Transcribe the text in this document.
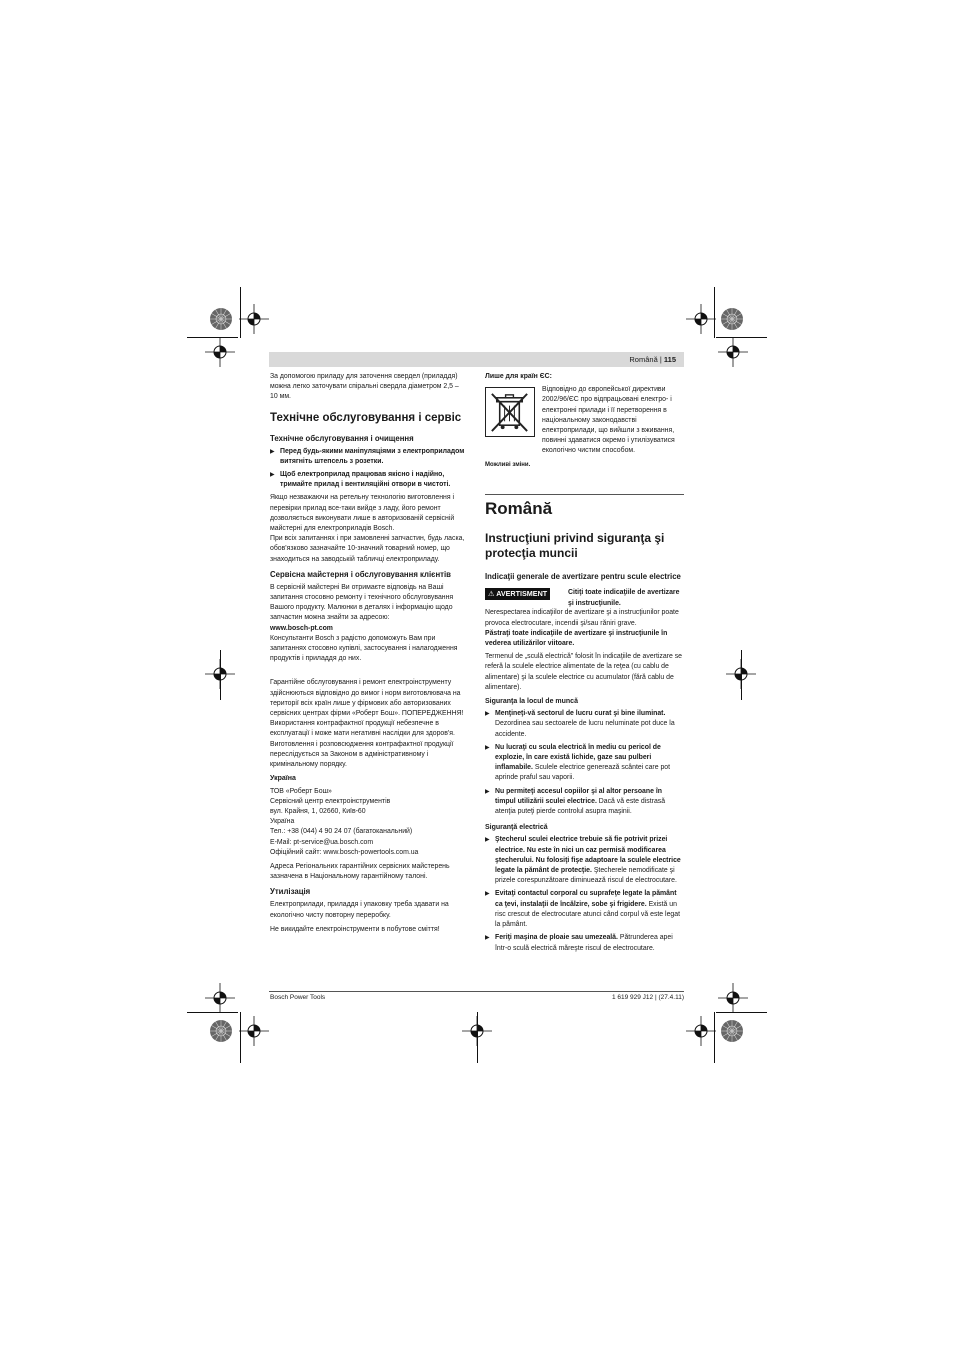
Română | 115

За допомогою приладу для заточення свердел (приладдя) можна легко заточувати спіральні свердла діаметром 2,5 – 10 мм.

Технічне обслуговування і сервіс
Технічне обслуговування і очищення
▶ Перед будь-якими маніпуляціями з електроприладом витягніть штепсель з розетки.
▶ Щоб електроприлад працював якісно і надійно, тримайте прилад і вентиляційні отвори в чистоті.

Якщо незважаючи на ретельну технологію виготовлення і перевірки прилад все-таки вийде з ладу, його ремонт дозволяється виконувати лише в авторизованій сервісній майстерні для електроприладів Bosch.

При всіх запитаннях і при замовленні запчастин, будь ласка, обов'язково зазначайте 10-значний товарний номер, що знаходиться на заводській табличці електроприладу.

Сервісна майстерня і обслуговування клієнтів

В сервісній майстерні Ви отримаєте відповідь на Ваші запитання стосовно ремонту і технічного обслуговування Вашого продукту. Малюнки в деталях і інформацію щодо запчастин можна знайти за адресою:

www.bosch-pt.com

Консультанти Bosch з радістю допоможуть Вам при запитаннях стосовно купівлі, застосування і налагодження продуктів і приладдя до них.

Гарантійне обслуговування і ремонт електроінструменту здійснюються відповідно до вимог і норм виготовлювача на території всіх країн лише у фірмових або авторизованих сервісних центрах фірми «Роберт Бош». ПОПЕРЕДЖЕННЯ! Використання контрафактної продукції небезпечне в експлуатації і може мати негативні наслідки для здоров'я. Виготовлення і розповсюдження контрафактної продукції переслідується за Законом в адміністративному і кримінальному порядку.

Україна
ТОВ «Роберт Бош»
Сервісний центр електроінструментів
вул. Крайня, 1, 02660, Київ-60
Україна
Тел.: +38 (044) 4 90 24 07 (багатоканальний)
E-Mail: pt-service@ua.bosch.com
Офіційний сайт: www.bosch-powertools.com.ua

Адреса Регіональних гарантійних сервісних майстерень зазначена в Національному гарантійному талоні.

Утилізація

Електроприлади, приладдя і упаковку треба здавати на екологічно чисту повторну переробку.

Не викидайте електроінструменти в побутове сміття!

Лише для країн ЄС:
Відповідно до європейської директиви 2002/96/ЄС про відпрацьовані електро- і електронні прилади і її перетворення в національному законодавстві електроприлади, що вийшли з вживання, повинні здаватися окремо і утилізуватися екологічно чистим способом.
Можливі зміни.
Română
Instrucţiuni privind siguranţa şi protecţia muncii
Indicaţii generale de avertizare pentru scule electrice
⚠ AVERTISMENT	Citiţi toate indicaţiile de avertizare şi instrucţiunile.

Nerespectarea indicaţiilor de avertizare şi a instrucţiunilor poate provoca electrocutare, incendii şi/sau răniri grave.

Păstraţi toate indicaţiile de avertizare şi instrucţiunile în vederea utilizărilor viitoare.

Termenul de „sculă electrică" folosit în indicaţiile de avertizare se referă la sculele electrice alimentate de la reţea (cu cablu de alimentare) şi la sculele electrice cu acumulator (fără cablu de alimentare).

Siguranţa la locul de muncă
▶ Menţineţi-vă sectorul de lucru curat şi bine iluminat. Dezordinea sau sectoarele de lucru neluminate pot duce la accidente.
▶ Nu lucraţi cu scula electrică în mediu cu pericol de explozie, în care există lichide, gaze sau pulberi inflamabile. Sculele electrice generează scântei care pot aprinde praful sau vaporii.
▶ Nu permiteţi accesul copiilor şi al altor persoane în timpul utilizării sculei electrice. Dacă vă este distrasă atenţia puteţi pierde controlul asupra maşinii.
Siguranţă electrică
▶ Ştecherul sculei electrice trebuie să fie potrivit prizei electrice. Nu este în nici un caz permisă modificarea ştecherului. Nu folosiţi fişe adaptoare la sculele electrice legate la pământ de protecţie. Ştecherele nemodificate şi prizele corespunzătoare diminuează riscul de electrocutare.
▶ Evitaţi contactul corporal cu suprafeţe legate la pământ ca ţevi, instalaţii de încălzire, sobe şi frigidere. Există un risc crescut de electrocutare atunci când corpul vă este legat la pământ.
▶ Feriţi maşina de ploaie sau umezeală. Pătrunderea apei într-o sculă electrică măreşte riscul de electrocutare.
Bosch Power Tools	1 619 929 J12 | (27.4.11)
